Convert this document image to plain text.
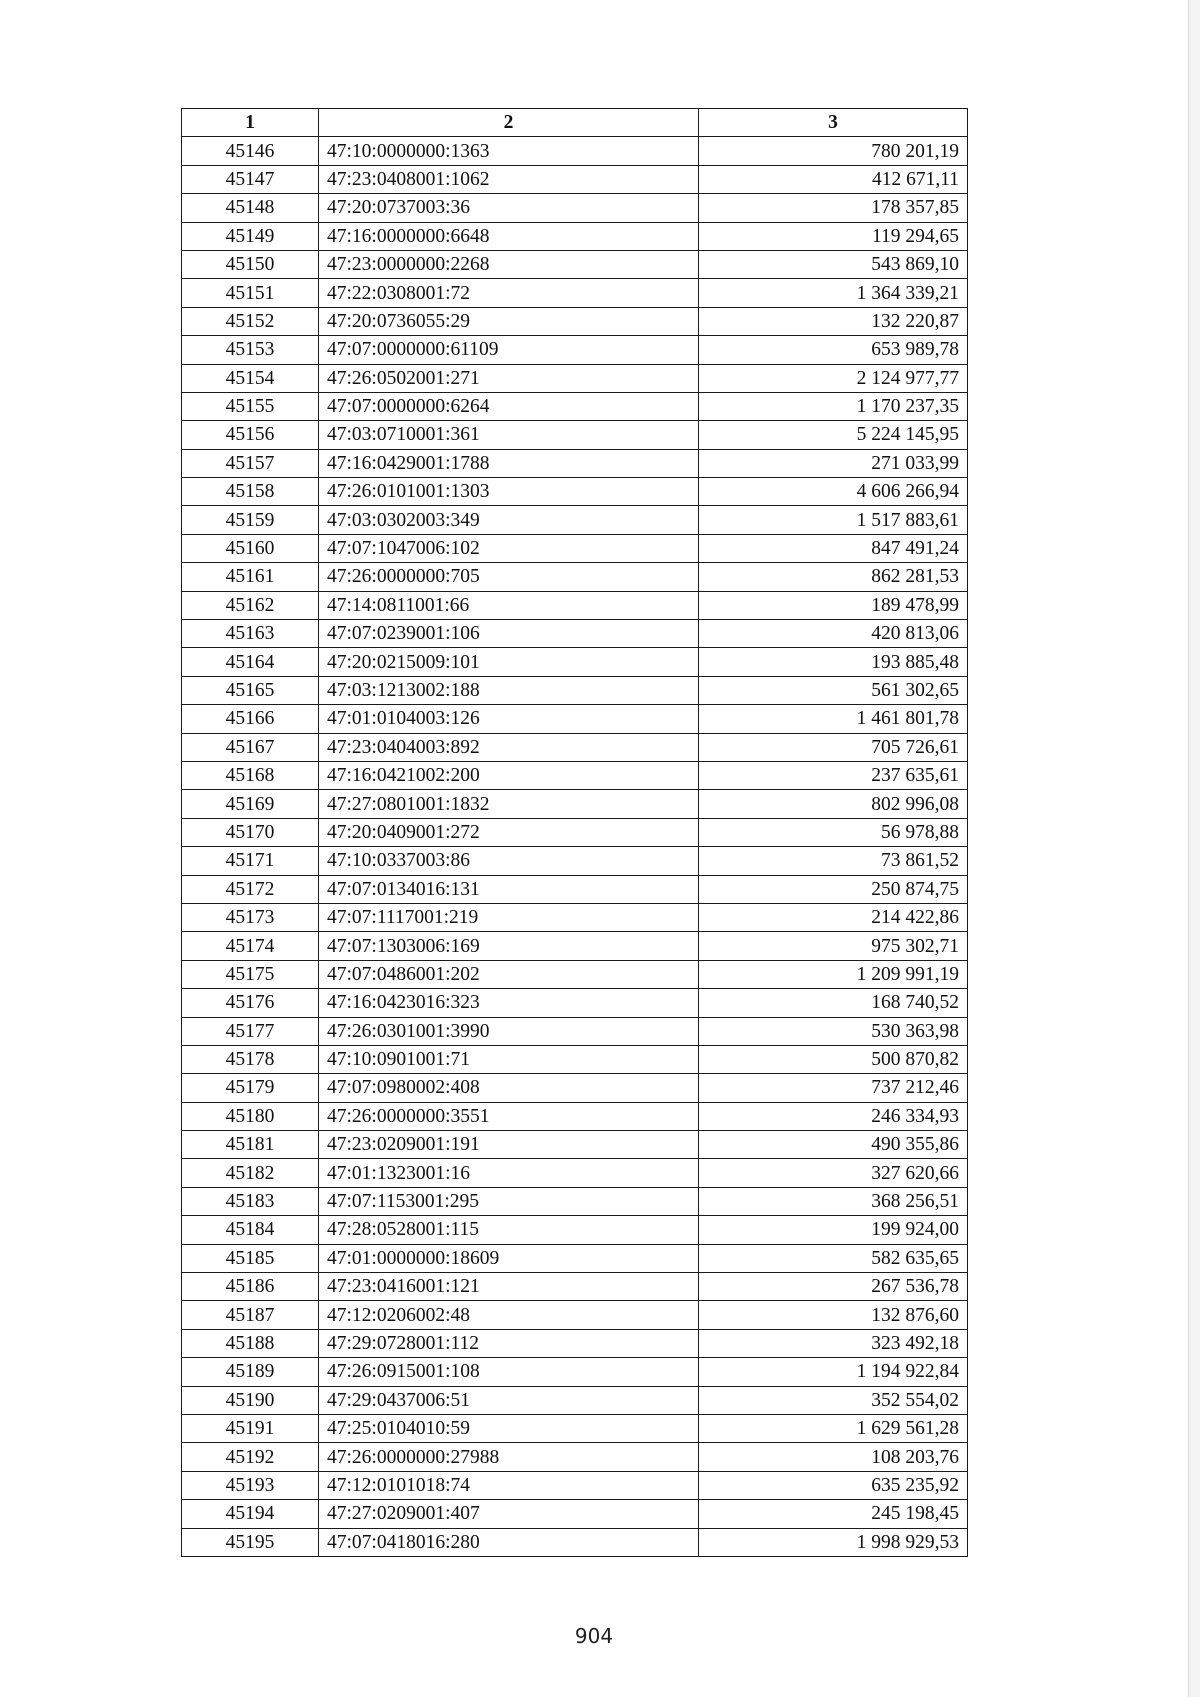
1	2	3
45146	47:10:0000000:1363	780 201,19
45147	47:23:0408001:1062	412 671,11
45148	47:20:0737003:36	178 357,85
45149	47:16:0000000:6648	119 294,65
45150	47:23:0000000:2268	543 869,10
45151	47:22:0308001:72	1 364 339,21
45152	47:20:0736055:29	132 220,87
45153	47:07:0000000:61109	653 989,78
45154	47:26:0502001:271	2 124 977,77
45155	47:07:0000000:6264	1 170 237,35
45156	47:03:0710001:361	5 224 145,95
45157	47:16:0429001:1788	271 033,99
45158	47:26:0101001:1303	4 606 266,94
45159	47:03:0302003:349	1 517 883,61
45160	47:07:1047006:102	847 491,24
45161	47:26:0000000:705	862 281,53
45162	47:14:0811001:66	189 478,99
45163	47:07:0239001:106	420 813,06
45164	47:20:0215009:101	193 885,48
45165	47:03:1213002:188	561 302,65
45166	47:01:0104003:126	1 461 801,78
45167	47:23:0404003:892	705 726,61
45168	47:16:0421002:200	237 635,61
45169	47:27:0801001:1832	802 996,08
45170	47:20:0409001:272	56 978,88
45171	47:10:0337003:86	73 861,52
45172	47:07:0134016:131	250 874,75
45173	47:07:1117001:219	214 422,86
45174	47:07:1303006:169	975 302,71
45175	47:07:0486001:202	1 209 991,19
45176	47:16:0423016:323	168 740,52
45177	47:26:0301001:3990	530 363,98
45178	47:10:0901001:71	500 870,82
45179	47:07:0980002:408	737 212,46
45180	47:26:0000000:3551	246 334,93
45181	47:23:0209001:191	490 355,86
45182	47:01:1323001:16	327 620,66
45183	47:07:1153001:295	368 256,51
45184	47:28:0528001:115	199 924,00
45185	47:01:0000000:18609	582 635,65
45186	47:23:0416001:121	267 536,78
45187	47:12:0206002:48	132 876,60
45188	47:29:0728001:112	323 492,18
45189	47:26:0915001:108	1 194 922,84
45190	47:29:0437006:51	352 554,02
45191	47:25:0104010:59	1 629 561,28
45192	47:26:0000000:27988	108 203,76
45193	47:12:0101018:74	635 235,92
45194	47:27:0209001:407	245 198,45
45195	47:07:0418016:280	1 998 929,53
904
